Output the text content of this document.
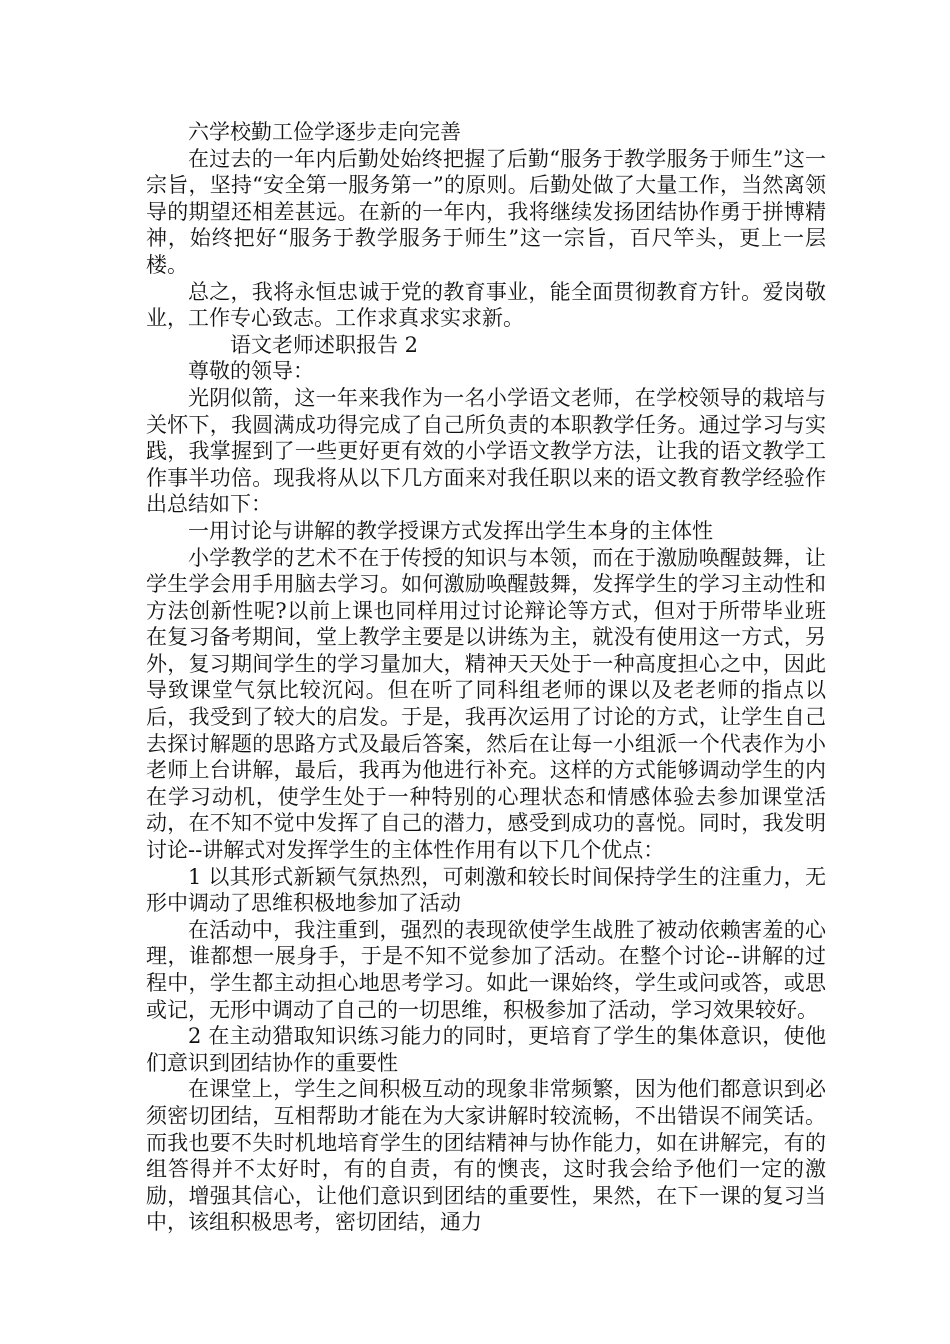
六学校勤工俭学逐步走向完善

在过去的一年内后勤处始终把握了后勤“服务于教学服务于师生”这一宗旨，坚持“安全第一服务第一”的原则。后勤处做了大量工作，当然离领导的期望还相差甚远。在新的一年内，我将继续发扬团结协作勇于拼博精神，始终把好“服务于教学服务于师生”这一宗旨，百尺竿头，更上一层楼。

总之，我将永恒忠诚于党的教育事业，能全面贯彻教育方针。爱岗敬业，工作专心致志。工作求真求实求新。

语文老师述职报告 2

尊敬的领导：

光阴似箭，这一年来我作为一名小学语文老师，在学校领导的栽培与关怀下，我圆满成功得完成了自己所负责的本职教学任务。通过学习与实践，我掌握到了一些更好更有效的小学语文教学方法，让我的语文教学工作事半功倍。现我将从以下几方面来对我任职以来的语文教育教学经验作出总结如下：

一用讨论与讲解的教学授课方式发挥出学生本身的主体性

小学教学的艺术不在于传授的知识与本领，而在于激励唤醒鼓舞，让学生学会用手用脑去学习。如何激励唤醒鼓舞，发挥学生的学习主动性和方法创新性呢?以前上课也同样用过讨论辩论等方式，但对于所带毕业班在复习备考期间，堂上教学主要是以讲练为主，就没有使用这一方式，另外，复习期间学生的学习量加大，精神天天处于一种高度担心之中，因此导致课堂气氛比较沉闷。但在听了同科组老师的课以及老老师的指点以后，我受到了较大的启发。于是，我再次运用了讨论的方式，让学生自己去探讨解题的思路方式及最后答案，然后在让每一小组派一个代表作为小老师上台讲解，最后，我再为他进行补充。这样的方式能够调动学生的内在学习动机，使学生处于一种特别的心理状态和情感体验去参加课堂活动，在不知不觉中发挥了自己的潜力，感受到成功的喜悦。同时，我发明讨论--讲解式对发挥学生的主体性作用有以下几个优点：

1 以其形式新颖气氛热烈，可刺激和较长时间保持学生的注重力，无形中调动了思维积极地参加了活动

在活动中，我注重到，强烈的表现欲使学生战胜了被动依赖害羞的心理，谁都想一展身手，于是不知不觉参加了活动。在整个讨论--讲解的过程中，学生都主动担心地思考学习。如此一课始终，学生或问或答，或思或记，无形中调动了自己的一切思维，积极参加了活动，学习效果较好。

2 在主动猎取知识练习能力的同时，更培育了学生的集体意识，使他们意识到团结协作的重要性

在课堂上，学生之间积极互动的现象非常频繁，因为他们都意识到必须密切团结，互相帮助才能在为大家讲解时较流畅，不出错误不闹笑话。而我也要不失时机地培育学生的团结精神与协作能力，如在讲解完，有的组答得并不太好时，有的自责，有的懊丧，这时我会给予他们一定的激励，增强其信心，让他们意识到团结的重要性，果然，在下一课的复习当中，该组积极思考，密切团结，通力
